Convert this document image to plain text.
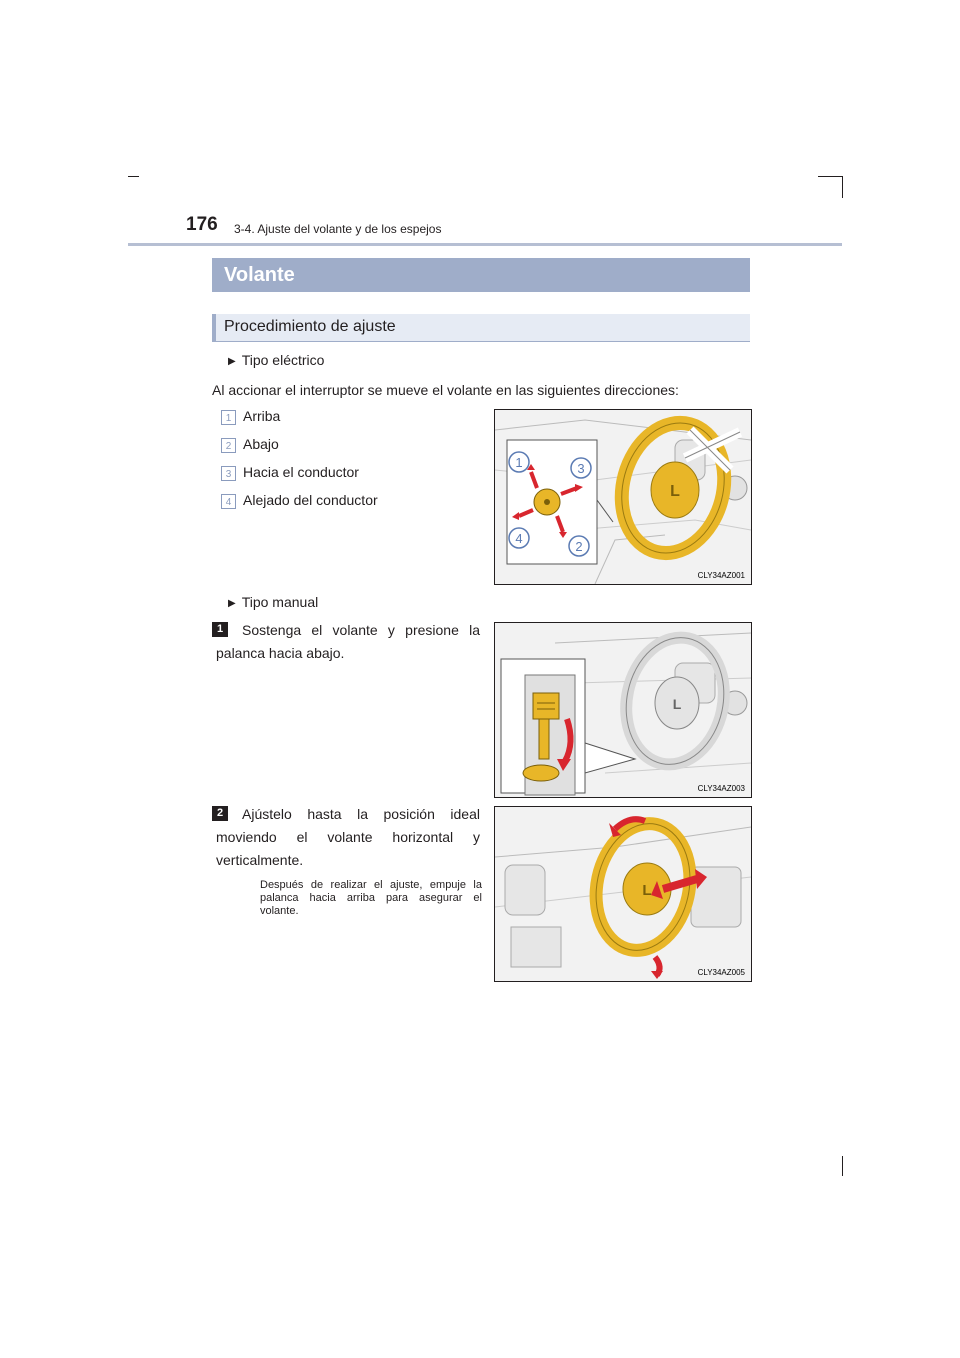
176 3-4. Ajuste del volante y de los espejos
Volante
Procedimiento de ajuste
▶ Tipo eléctrico
Al accionar el interruptor se mueve el volante en las siguientes direcciones:
1 Arriba
2 Abajo
3 Hacia el conductor
4 Alejado del conductor	L
1	3
4
2
CLY34AZ001
▶ Tipo manual
1	Sostenga el volante y presione la palanca hacia abajo.
L
CLY34AZ003
2	Ajústelo hasta la posición ideal moviendo el volante horizontal y verticalmente.
Después de realizar el ajuste, empuje la palanca hacia arriba para asegurar el volante.
L
CLY34AZ005
